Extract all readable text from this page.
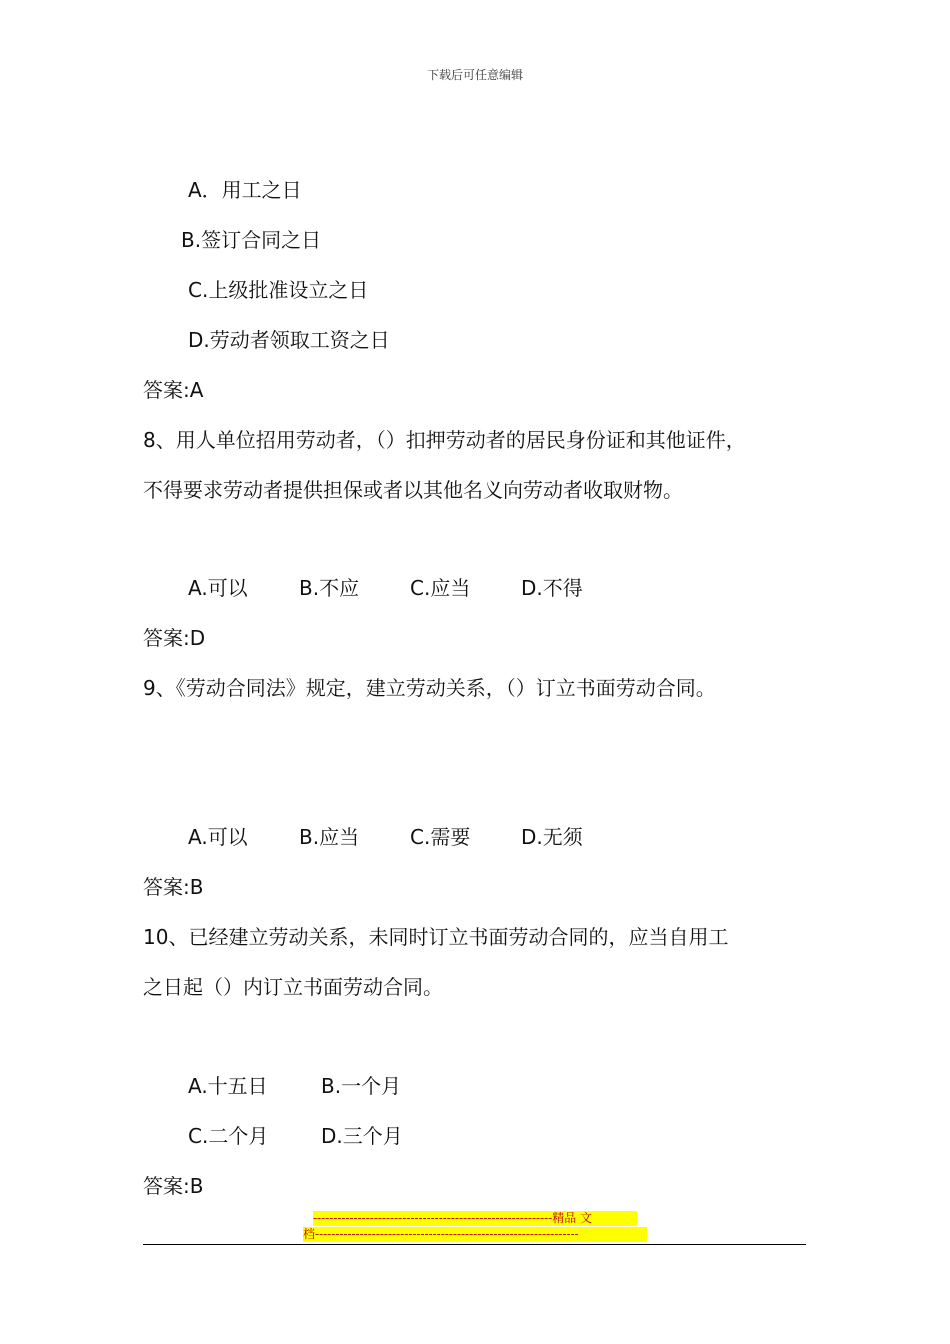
下载后可任意编辑
A．用工之日
B.签订合同之日
C.上级批准设立之日
D.劳动者领取工资之日
答案:A
8、用人单位招用劳动者，（）扣押劳动者的居民身份证和其他证件，
不得要求劳动者提供担保或者以其他名义向劳动者收取财物。
A.可以	B.不应	C.应当	D.不得
答案:D
9、《劳动合同法》规定，建立劳动关系，（）订立书面劳动合同。
A.可以	B.应当	C.需要	D.无须
答案:B
10、已经建立劳动关系，未同时订立书面劳动合同的，应当自用工
之日起（）内订立书面劳动合同。
A.十五日	B.一个月
C.二个月	D.三个月
答案:B
-----------------------------------------------------------精品 文
档-----------------------------------------------------------------
